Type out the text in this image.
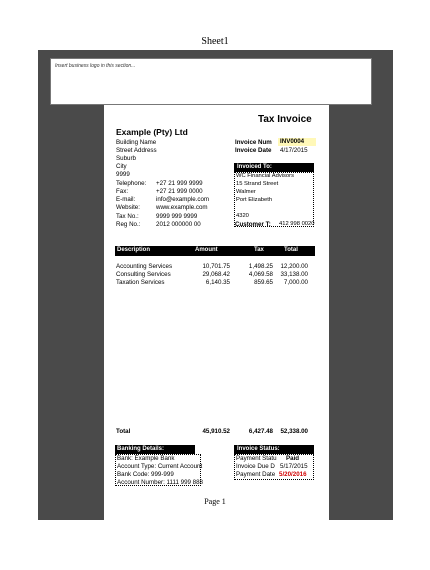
Sheet1
Insert business logo in this section...
Tax Invoice
Example (Pty) Ltd
Building Name
Street Address
Suburb
City
9999
Telephone: +27 21 999 9999
Fax:	+27 21 999 0000
E-mail:	info@example.com
Website:	www.example.com
Tax No.:	9999 999 9999
Reg No.:	2012 000000 00
Invoice Num	INV0004
Invoice Date 4/17/2015
Invoiced To:
WC Financial Advisors
15 Strand Street
Walmer
Port Elizabeth
4320
Customer T: 412 998 0020
Description	Amount	Tax	Total
Accounting Services	10,701.75	1,498.25	12,200.00
Consulting Services	29,068.42	4,069.58	33,138.00
Taxation Services	6,140.35	859.65	7,000.00
Total	45,910.52	6,427.48	52,338.00
Banking Details:
Bank: Example Bank
Account Type: Current Account
Bank Code: 999-999
Account Number: 1111 999 888
Invoice Status:
Payment Statu Paid
Invoice Due D 5/17/2015
Payment Date 5/20/2016
Page 1
